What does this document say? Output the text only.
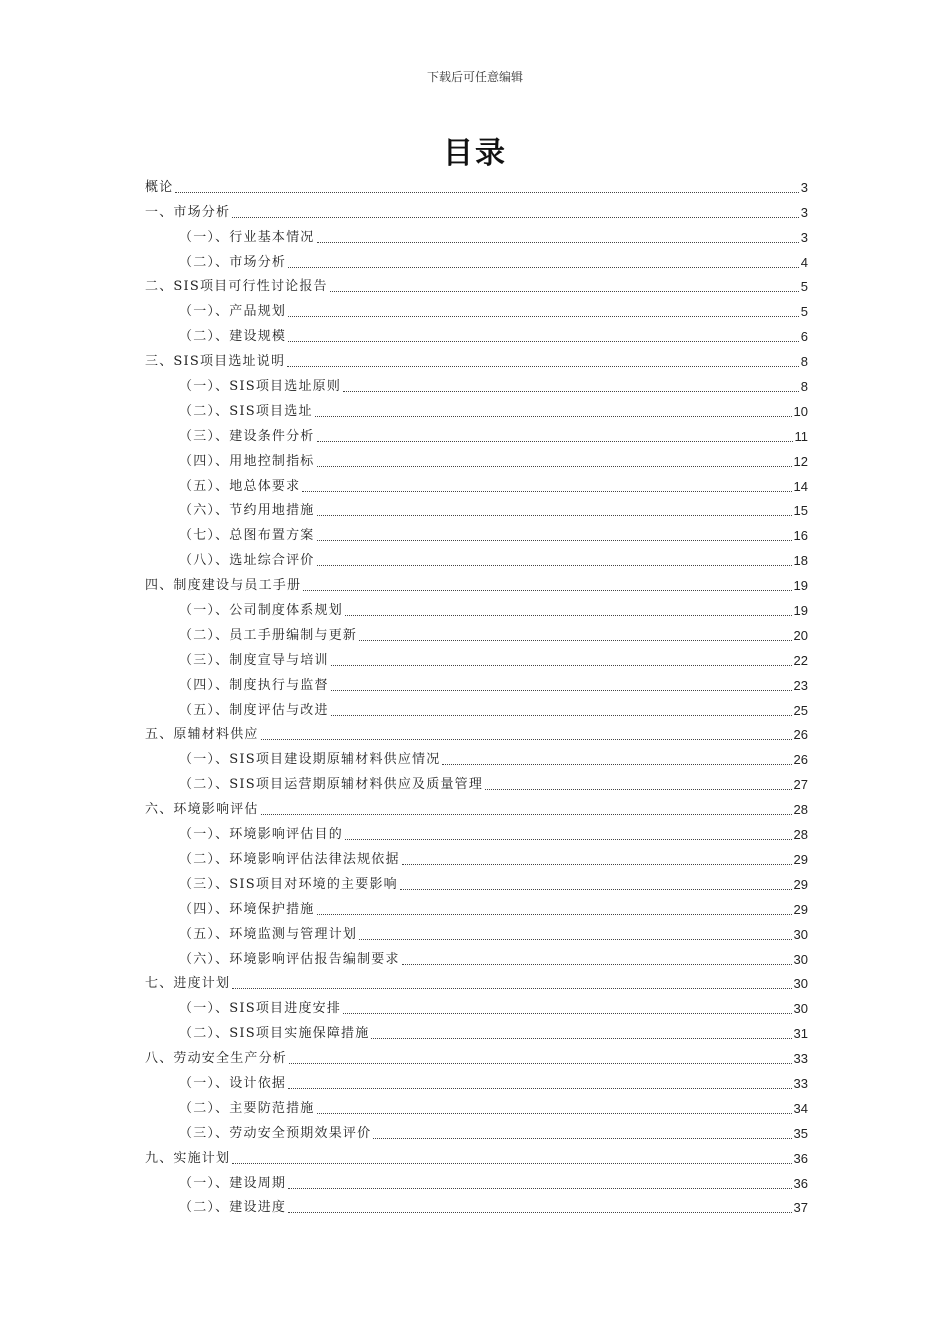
下载后可任意编辑
目录
概论	3
一、市场分析	3
（一）、行业基本情况	3
（二）、市场分析	4
二、SIS项目可行性讨论报告	5
（一）、产品规划	5
（二）、建设规模	6
三、SIS项目选址说明	8
（一）、SIS项目选址原则	8
（二）、SIS项目选址	10
（三）、建设条件分析	11
（四）、用地控制指标	12
（五）、地总体要求	14
（六）、节约用地措施	15
（七）、总图布置方案	16
（八）、选址综合评价	18
四、制度建设与员工手册	19
（一）、公司制度体系规划	19
（二）、员工手册编制与更新	20
（三）、制度宣导与培训	22
（四）、制度执行与监督	23
（五）、制度评估与改进	25
五、原辅材料供应	26
（一）、SIS项目建设期原辅材料供应情况	26
（二）、SIS项目运营期原辅材料供应及质量管理	27
六、环境影响评估	28
（一）、环境影响评估目的	28
（二）、环境影响评估法律法规依据	29
（三）、SIS项目对环境的主要影响	29
（四）、环境保护措施	29
（五）、环境监测与管理计划	30
（六）、环境影响评估报告编制要求	30
七、进度计划	30
（一）、SIS项目进度安排	30
（二）、SIS项目实施保障措施	31
八、劳动安全生产分析	33
（一）、设计依据	33
（二）、主要防范措施	34
（三）、劳动安全预期效果评价	35
九、实施计划	36
（一）、建设周期	36
（二）、建设进度	37
